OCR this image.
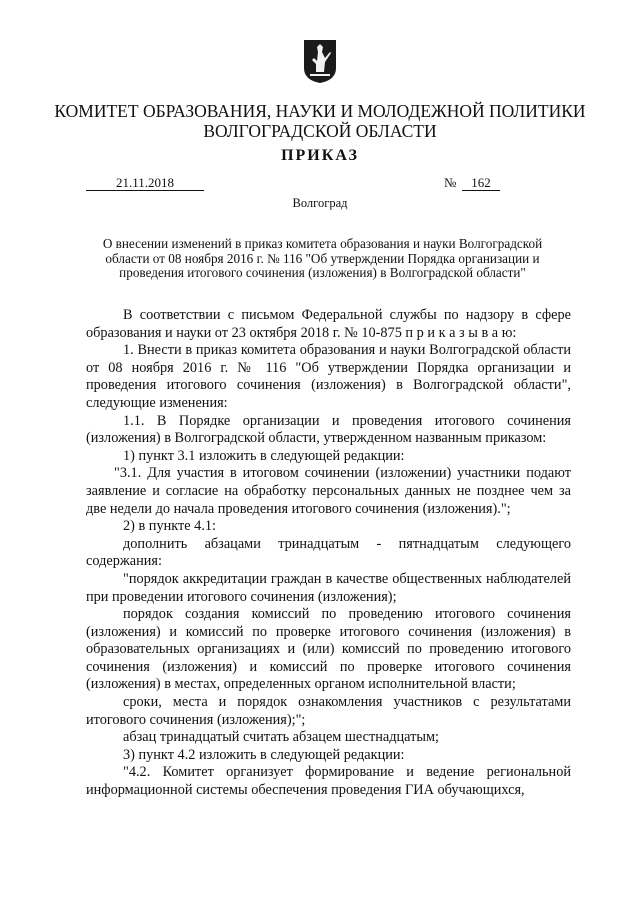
КОМИТЕТ ОБРАЗОВАНИЯ, НАУКИ И МОЛОДЕЖНОЙ ПОЛИТИКИ
ВОЛГОГРАДСКОЙ ОБЛАСТИ
ПРИКАЗ
21.11.2018	№	162
Волгоград
О внесении изменений в приказ комитета образования и науки Волгоградской области от 08 ноября 2016 г. № 116 "Об утверждении Порядка организации и проведения итогового сочинения (изложения) в Волгоградской области"

В соответствии с письмом Федеральной службы по надзору в сфере образования и науки от 23 октября 2018 г. № 10-875 п р и к а з ы в а ю:

1. Внести в приказ комитета образования и науки Волгоградской области от 08 ноября 2016 г. № 116 "Об утверждении Порядка организации и проведения итогового сочинения (изложения) в Волгоградской области", следующие изменения:

1.1. В Порядке организации и проведения итогового сочинения (изложения) в Волгоградской области, утвержденном названным приказом:

1) пункт 3.1 изложить в следующей редакции:

"3.1. Для участия в итоговом сочинении (изложении) участники подают заявление и согласие на обработку персональных данных не позднее чем за две недели до начала проведения итогового сочинения (изложения).";

2) в пункте 4.1:

дополнить абзацами тринадцатым - пятнадцатым следующего содержания:

"порядок аккредитации граждан в качестве общественных наблюдателей при проведении итогового сочинения (изложения);

порядок создания комиссий по проведению итогового сочинения (изложения) и комиссий по проверке итогового сочинения (изложения) в образовательных организациях и (или) комиссий по проведению итогового сочинения (изложения) и комиссий по проверке итогового сочинения (изложения) в местах, определенных органом исполнительной власти;

сроки, места и порядок ознакомления участников с результатами итогового сочинения (изложения);";

абзац тринадцатый считать абзацем шестнадцатым;

3) пункт 4.2 изложить в следующей редакции:

"4.2. Комитет организует формирование и ведение региональной информационной системы обеспечения проведения ГИА обучающихся,
